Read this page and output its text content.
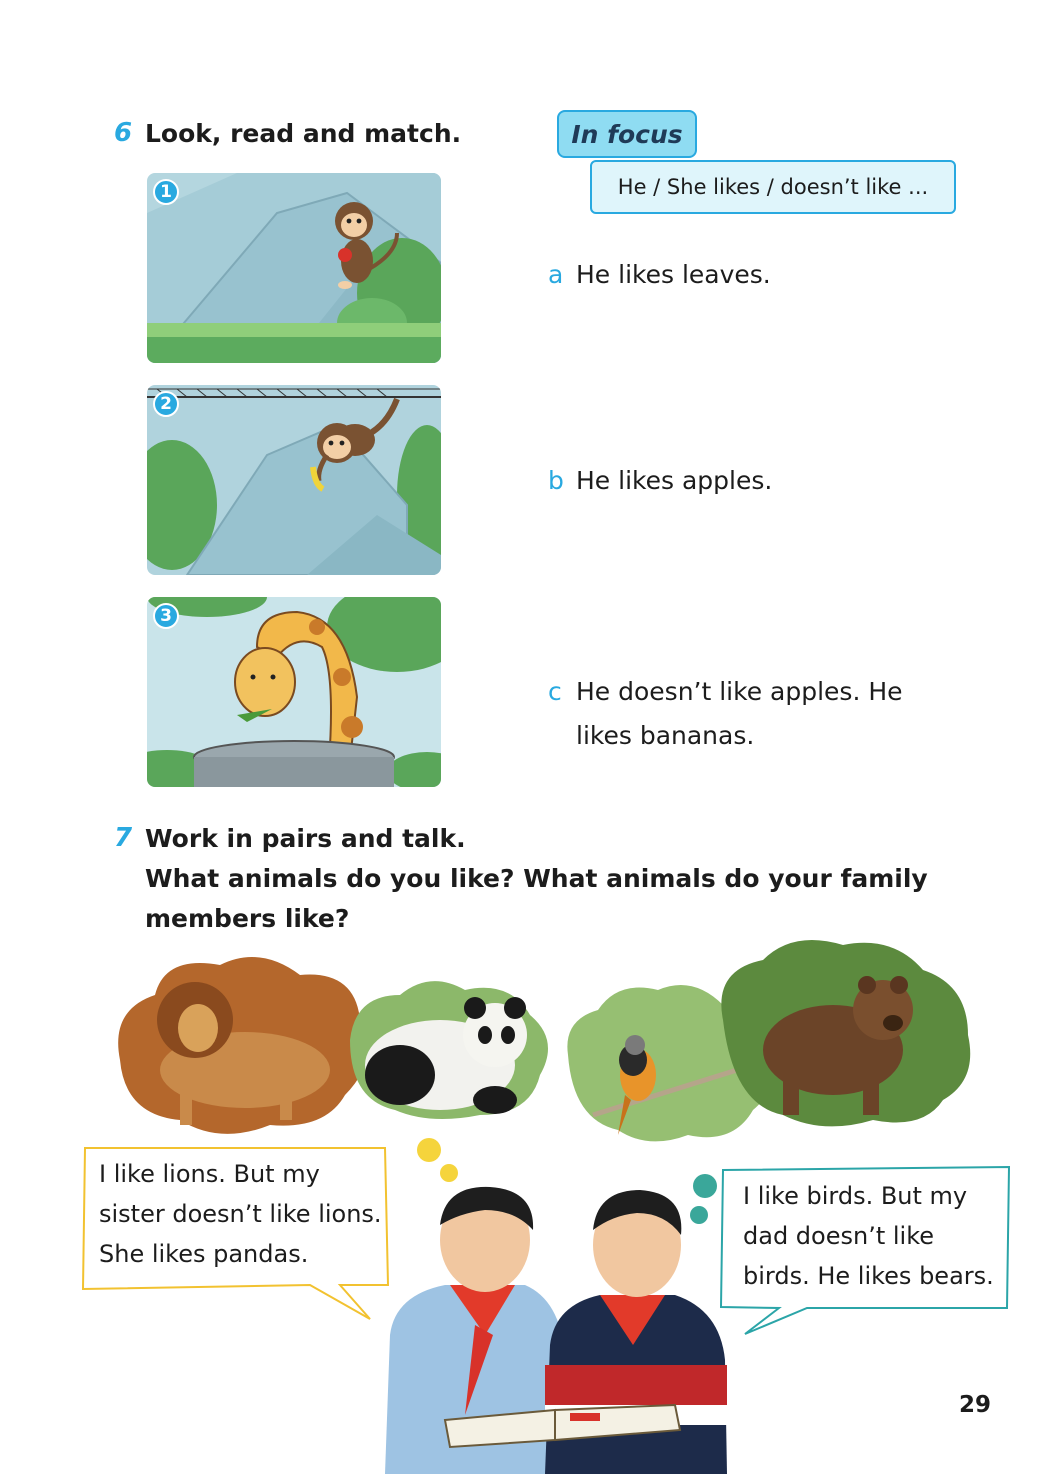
6 Look, read and match.	In focus
He / She likes / doesn’t like ...
1
2
3
a He likes leaves.
b He likes apples.
c He doesn’t like apples. He
likes bananas.
7 Work in pairs and talk.
What animals do you like? What animals do your family
members like?
I like lions. But my
sister doesn’t like lions.
She likes pandas.
I like birds. But my
dad doesn’t like
birds. He likes bears.
29
